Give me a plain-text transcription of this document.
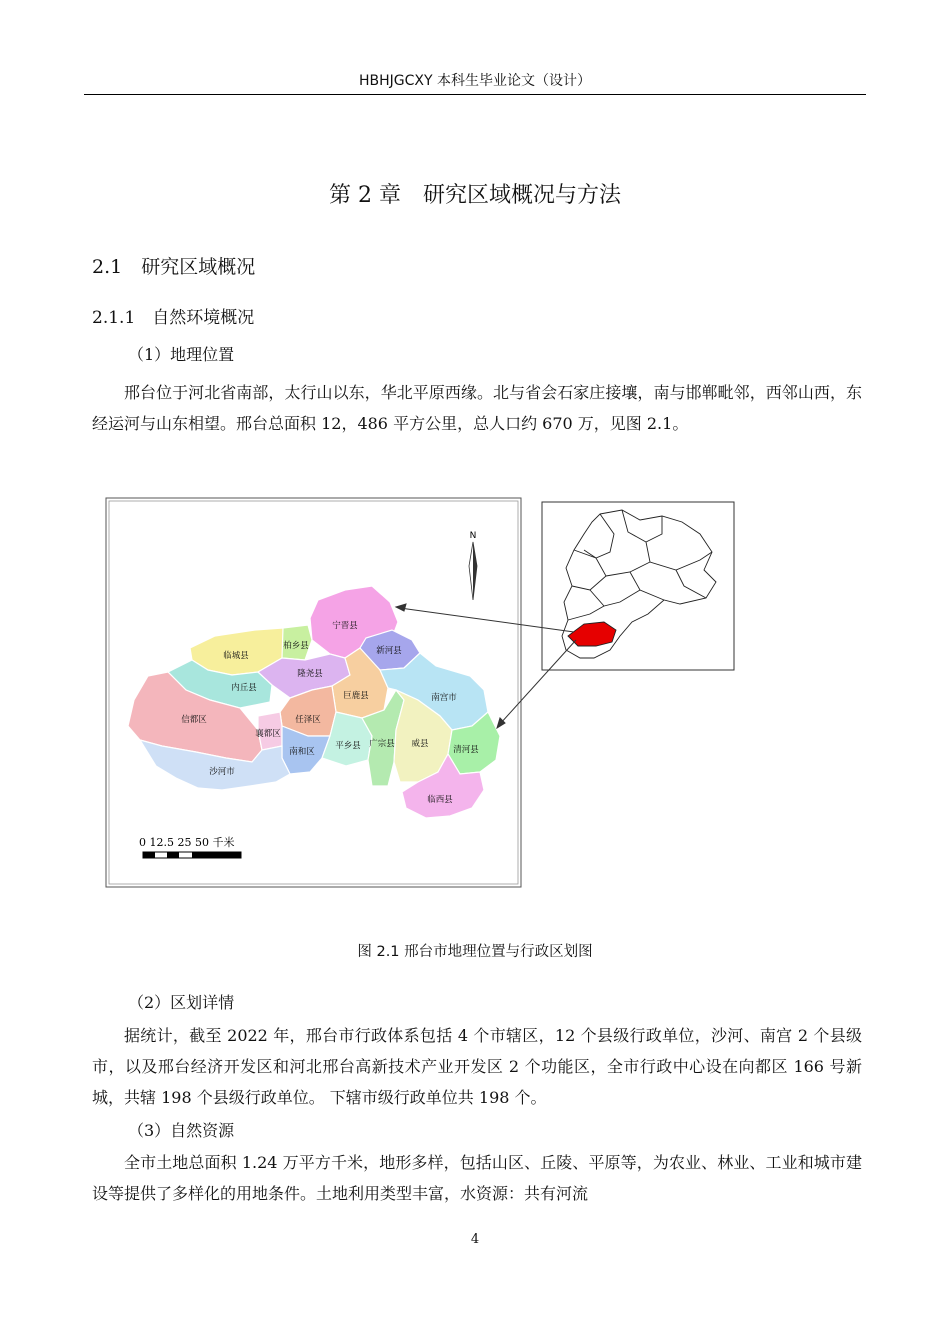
HBHJGCXY 本科生毕业论文（设计）
第 2 章　研究区域概况与方法
2.1　研究区域概况
2.1.1　自然环境概况
（1）地理位置
邢台位于河北省南部，太行山以东，华北平原西缘。北与省会石家庄接壤，南与邯郸毗邻，西邻山西，东经运河与山东相望。邢台总面积 12，486 平方公里，总人口约 670 万，见图 2.1。
N
宁晋县
柏乡县
临城县	新河县
内丘县
隆尧县
巨鹿县	南宫市
信都区	任泽区
襄都区
南和区
平乡县 广宗县 威县
清河县
临西县
沙河市
0 12.5 25 50 千米
图 2.1 邢台市地理位置与行政区划图
（2）区划详情
据统计，截至 2022 年，邢台市行政体系包括 4 个市辖区，12 个县级行政单位，沙河、南宫 2 个县级市，以及邢台经济开发区和河北邢台高新技术产业开发区 2 个功能区，全市行政中心设在向都区 166 号新城，共辖 198 个县级行政单位。 下辖市级行政单位共 198 个。
（3）自然资源
全市土地总面积 1.24 万平方千米，地形多样，包括山区、丘陵、平原等，为农业、林业、工业和城市建设等提供了多样化的用地条件。土地利用类型丰富，水资源：共有河流
4
